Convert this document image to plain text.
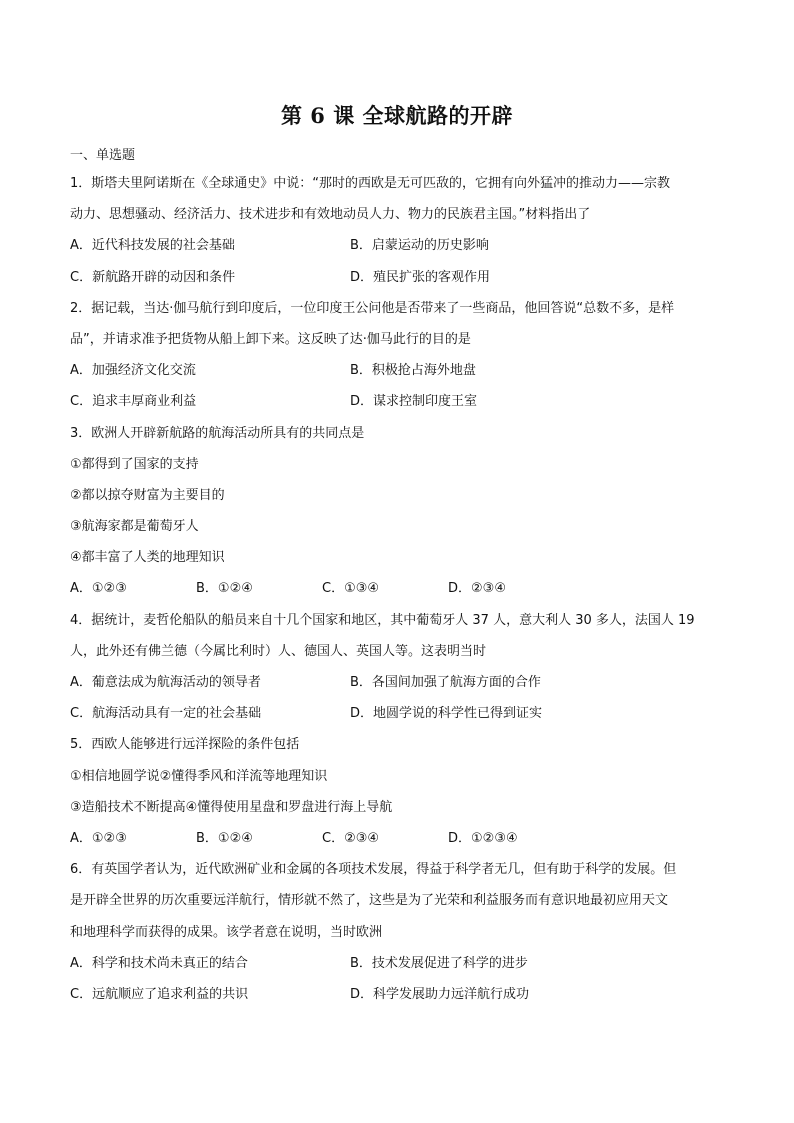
第 6 课 全球航路的开辟
一、单选题
1．斯塔夫里阿诺斯在《全球通史》中说：“那时的西欧是无可匹敌的，它拥有向外猛冲的推动力——宗教
动力、思想骚动、经济活力、技术进步和有效地动员人力、物力的民族君主国。”材料指出了
A．近代科技发展的社会基础	B．启蒙运动的历史影响
C．新航路开辟的动因和条件	D．殖民扩张的客观作用
2．据记载，当达·伽马航行到印度后，一位印度王公问他是否带来了一些商品，他回答说“总数不多，是样
品”，并请求准予把货物从船上卸下来。这反映了达·伽马此行的目的是
A．加强经济文化交流	B．积极抢占海外地盘
C．追求丰厚商业利益	D．谋求控制印度王室
3．欧洲人开辟新航路的航海活动所具有的共同点是
①都得到了国家的支持
②都以掠夺财富为主要目的
③航海家都是葡萄牙人
④都丰富了人类的地理知识
A．①②③	B．①②④	C．①③④	D．②③④
4．据统计，麦哲伦船队的船员来自十几个国家和地区，其中葡萄牙人 37 人，意大利人 30 多人，法国人 19
人，此外还有佛兰德（今属比利时）人、德国人、英国人等。这表明当时
A．葡意法成为航海活动的领导者	B．各国间加强了航海方面的合作
C．航海活动具有一定的社会基础	D．地圆学说的科学性已得到证实
5．西欧人能够进行远洋探险的条件包括
①相信地圆学说②懂得季风和洋流等地理知识
③造船技术不断提高④懂得使用星盘和罗盘进行海上导航
A．①②③	B．①②④	C．②③④	D．①②③④
6．有英国学者认为，近代欧洲矿业和金属的各项技术发展，得益于科学者无几，但有助于科学的发展。但
是开辟全世界的历次重要远洋航行，情形就不然了，这些是为了光荣和利益服务而有意识地最初应用天文
和地理科学而获得的成果。该学者意在说明，当时欧洲
A．科学和技术尚未真正的结合	B．技术发展促进了科学的进步
C．远航顺应了追求利益的共识	D．科学发展助力远洋航行成功
